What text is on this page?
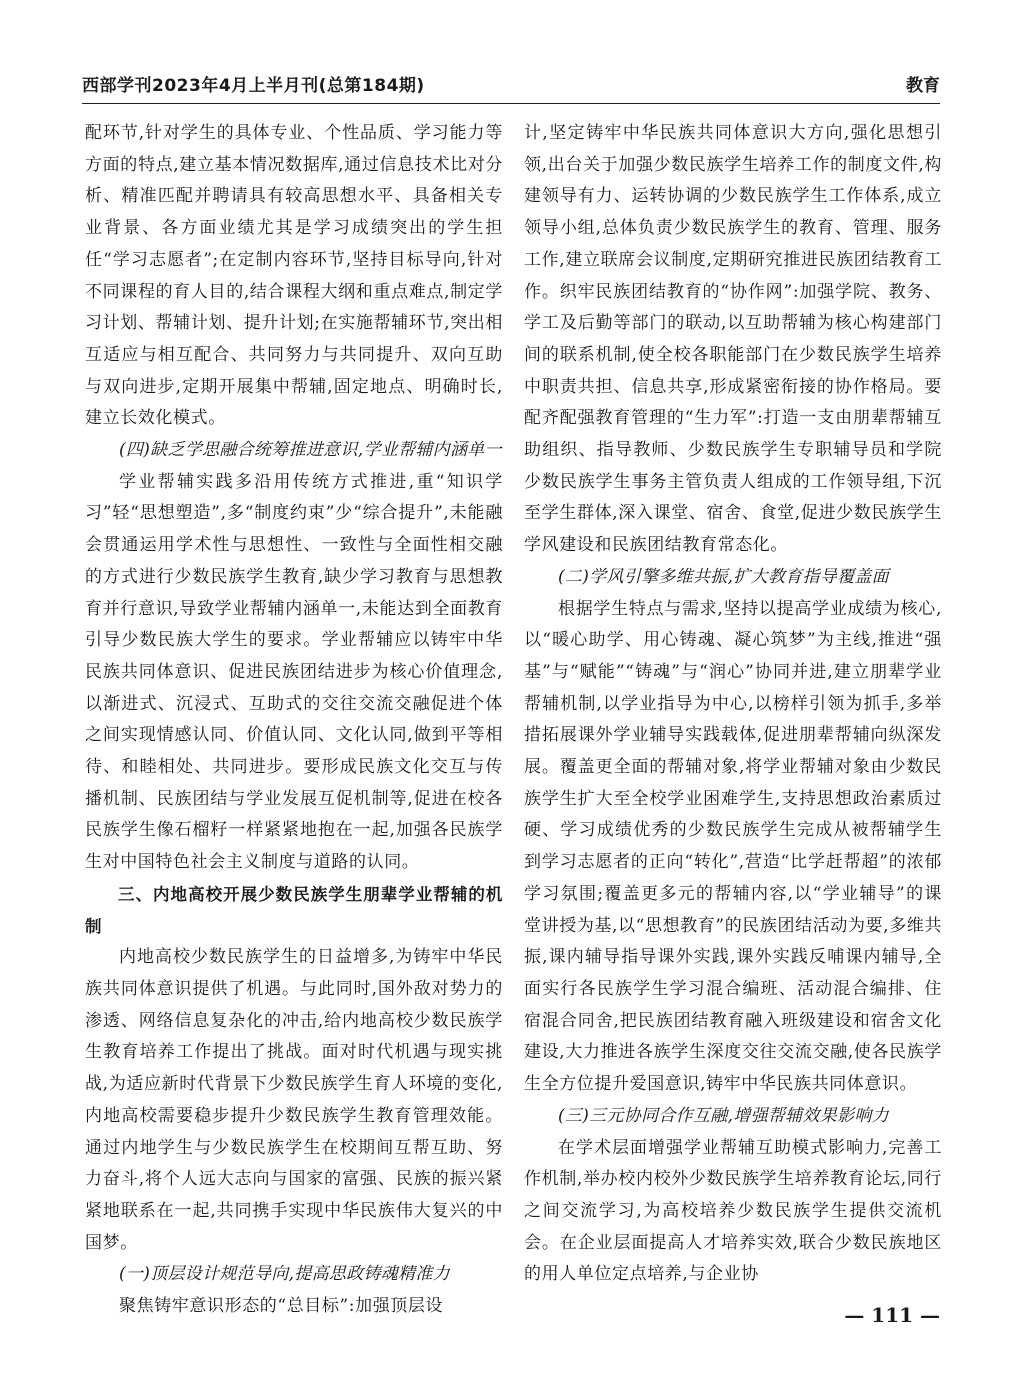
西部学刊2023年4月上半月刊(总第184期)	教育

配环节,针对学生的具体专业、个性品质、学习能力等方面的特点,建立基本情况数据库,通过信息技术比对分析、精准匹配并聘请具有较高思想水平、具备相关专业背景、各方面业绩尤其是学习成绩突出的学生担任“学习志愿者”;在定制内容环节,坚持目标导向,针对不同课程的育人目的,结合课程大纲和重点难点,制定学习计划、帮辅计划、提升计划;在实施帮辅环节,突出相互适应与相互配合、共同努力与共同提升、双向互助与双向进步,定期开展集中帮辅,固定地点、明确时长,建立长效化模式。

(四)缺乏学思融合统筹推进意识,学业帮辅内涵单一

学业帮辅实践多沿用传统方式推进,重“知识学习”轻“思想塑造”,多“制度约束”少“综合提升”,未能融会贯通运用学术性与思想性、一致性与全面性相交融的方式进行少数民族学生教育,缺少学习教育与思想教育并行意识,导致学业帮辅内涵单一,未能达到全面教育引导少数民族大学生的要求。学业帮辅应以铸牢中华民族共同体意识、促进民族团结进步为核心价值理念,以渐进式、沉浸式、互助式的交往交流交融促进个体之间实现情感认同、价值认同、文化认同,做到平等相待、和睦相处、共同进步。要形成民族文化交互与传播机制、民族团结与学业发展互促机制等,促进在校各民族学生像石榴籽一样紧紧地抱在一起,加强各民族学生对中国特色社会主义制度与道路的认同。

三、内地高校开展少数民族学生朋辈学业帮辅的机制

内地高校少数民族学生的日益增多,为铸牢中华民族共同体意识提供了机遇。与此同时,国外敌对势力的渗透、网络信息复杂化的冲击,给内地高校少数民族学生教育培养工作提出了挑战。面对时代机遇与现实挑战,为适应新时代背景下少数民族学生育人环境的变化,内地高校需要稳步提升少数民族学生教育管理效能。通过内地学生与少数民族学生在校期间互帮互助、努力奋斗,将个人远大志向与国家的富强、民族的振兴紧紧地联系在一起,共同携手实现中华民族伟大复兴的中国梦。

(一)顶层设计规范导向,提高思政铸魂精准力

聚焦铸牢意识形态的“总目标”:加强顶层设

计,坚定铸牢中华民族共同体意识大方向,强化思想引领,出台关于加强少数民族学生培养工作的制度文件,构建领导有力、运转协调的少数民族学生工作体系,成立领导小组,总体负责少数民族学生的教育、管理、服务工作,建立联席会议制度,定期研究推进民族团结教育工作。织牢民族团结教育的“协作网”:加强学院、教务、学工及后勤等部门的联动,以互助帮辅为核心构建部门间的联系机制,使全校各职能部门在少数民族学生培养中职责共担、信息共享,形成紧密衔接的协作格局。要配齐配强教育管理的“生力军”:打造一支由朋辈帮辅互助组织、指导教师、少数民族学生专职辅导员和学院少数民族学生事务主管负责人组成的工作领导组,下沉至学生群体,深入课堂、宿舍、食堂,促进少数民族学生学风建设和民族团结教育常态化。

(二)学风引擎多维共振,扩大教育指导覆盖面

根据学生特点与需求,坚持以提高学业成绩为核心,以“暖心助学、用心铸魂、凝心筑梦”为主线,推进“强基”与“赋能”“铸魂”与“润心”协同并进,建立朋辈学业帮辅机制,以学业指导为中心,以榜样引领为抓手,多举措拓展课外学业辅导实践载体,促进朋辈帮辅向纵深发展。覆盖更全面的帮辅对象,将学业帮辅对象由少数民族学生扩大至全校学业困难学生,支持思想政治素质过硬、学习成绩优秀的少数民族学生完成从被帮辅学生到学习志愿者的正向“转化”,营造“比学赶帮超”的浓郁学习氛围;覆盖更多元的帮辅内容,以“学业辅导”的课堂讲授为基,以“思想教育”的民族团结活动为要,多维共振,课内辅导指导课外实践,课外实践反哺课内辅导,全面实行各民族学生学习混合编班、活动混合编排、住宿混合同舍,把民族团结教育融入班级建设和宿舍文化建设,大力推进各族学生深度交往交流交融,使各民族学生全方位提升爱国意识,铸牢中华民族共同体意识。

(三)三元协同合作互融,增强帮辅效果影响力

在学术层面增强学业帮辅互助模式影响力,完善工作机制,举办校内校外少数民族学生培养教育论坛,同行之间交流学习,为高校培养少数民族学生提供交流机会。在企业层面提高人才培养实效,联合少数民族地区的用人单位定点培养,与企业协

— 111 —
